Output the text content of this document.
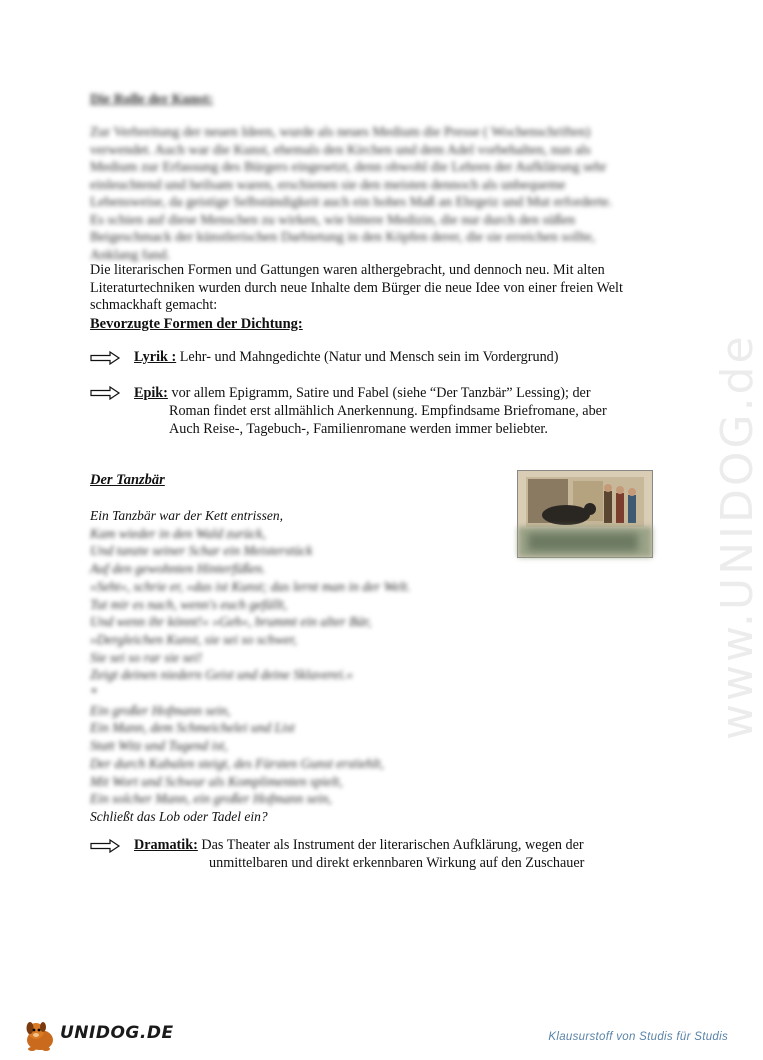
www.UNIDOG.de
Die Rolle der Kunst:
Zur Verbreitung der neuen Ideen, wurde als neues Medium die Presse ( Wochenschriften)
verwendet. Auch war die Kunst, ehemals den Kirchen und dem Adel vorbehalten, nun als
Medium zur Erfassung des Bürgers eingesetzt, denn obwohl die Lehren der Aufklärung sehr
einleuchtend und heilsam waren, erschienen sie den meisten dennoch als unbequeme
Lebensweise, da geistige Selbständigkeit auch ein hohes Maß an Ehrgeiz und Mut erforderte.
Es schien auf diese Menschen zu wirken, wie bittere Medizin, die nur durch den süßen
Beigeschmack der künstlerischen Darbietung in den Köpfen derer, die sie erreichen sollte,
Anklang fand.
Die literarischen Formen und Gattungen waren althergebracht, und dennoch neu. Mit alten
Literaturtechniken wurden durch neue Inhalte dem Bürger die neue Idee von einer freien Welt
schmackhaft gemacht:
Bevorzugte Formen der Dichtung:
Lyrik : Lehr- und Mahngedichte (Natur und Mensch sein im Vordergrund)
Epik: vor allem Epigramm, Satire und Fabel (siehe “Der Tanzbär” Lessing); der
Roman findet erst allmählich Anerkennung. Empfindsame Briefromane, aber
Auch Reise-, Tagebuch-, Familienromane werden immer beliebter.
Der Tanzbär
Ein Tanzbär war der Kett entrissen,
Kam wieder in den Wald zurück,
Und tanzte seiner Schar ein Meisterstück
Auf den gewohnten Hinterfüßen.
»Seht«, schrie er, »das ist Kunst; das lernt man in der Welt.
Tut mir es nach, wenn's euch gefällt,
Und wenn ihr könnt!« »Geh«, brummt ein alter Bär,
»Dergleichen Kunst, sie sei so schwer,
Sie sei so rar sie sei!
Zeigt deinen niedern Geist und deine Sklaverei.«
*
Ein großer Hofmann sein,
Ein Mann, dem Schmeichelei und List
Statt Witz und Tugend ist,
Der durch Kabalen steigt, des Fürsten Gunst erstiehlt,
Mit Wort und Schwur als Komplimenten spielt,
Ein solcher Mann, ein großer Hofmann sein,
Schließt das Lob oder Tadel ein?
Dramatik: Das Theater als Instrument der literarischen Aufklärung, wegen der
unmittelbaren und direkt erkennbaren Wirkung auf den Zuschauer
UNIDOG.DE	Klausurstoff von Studis für Studis
